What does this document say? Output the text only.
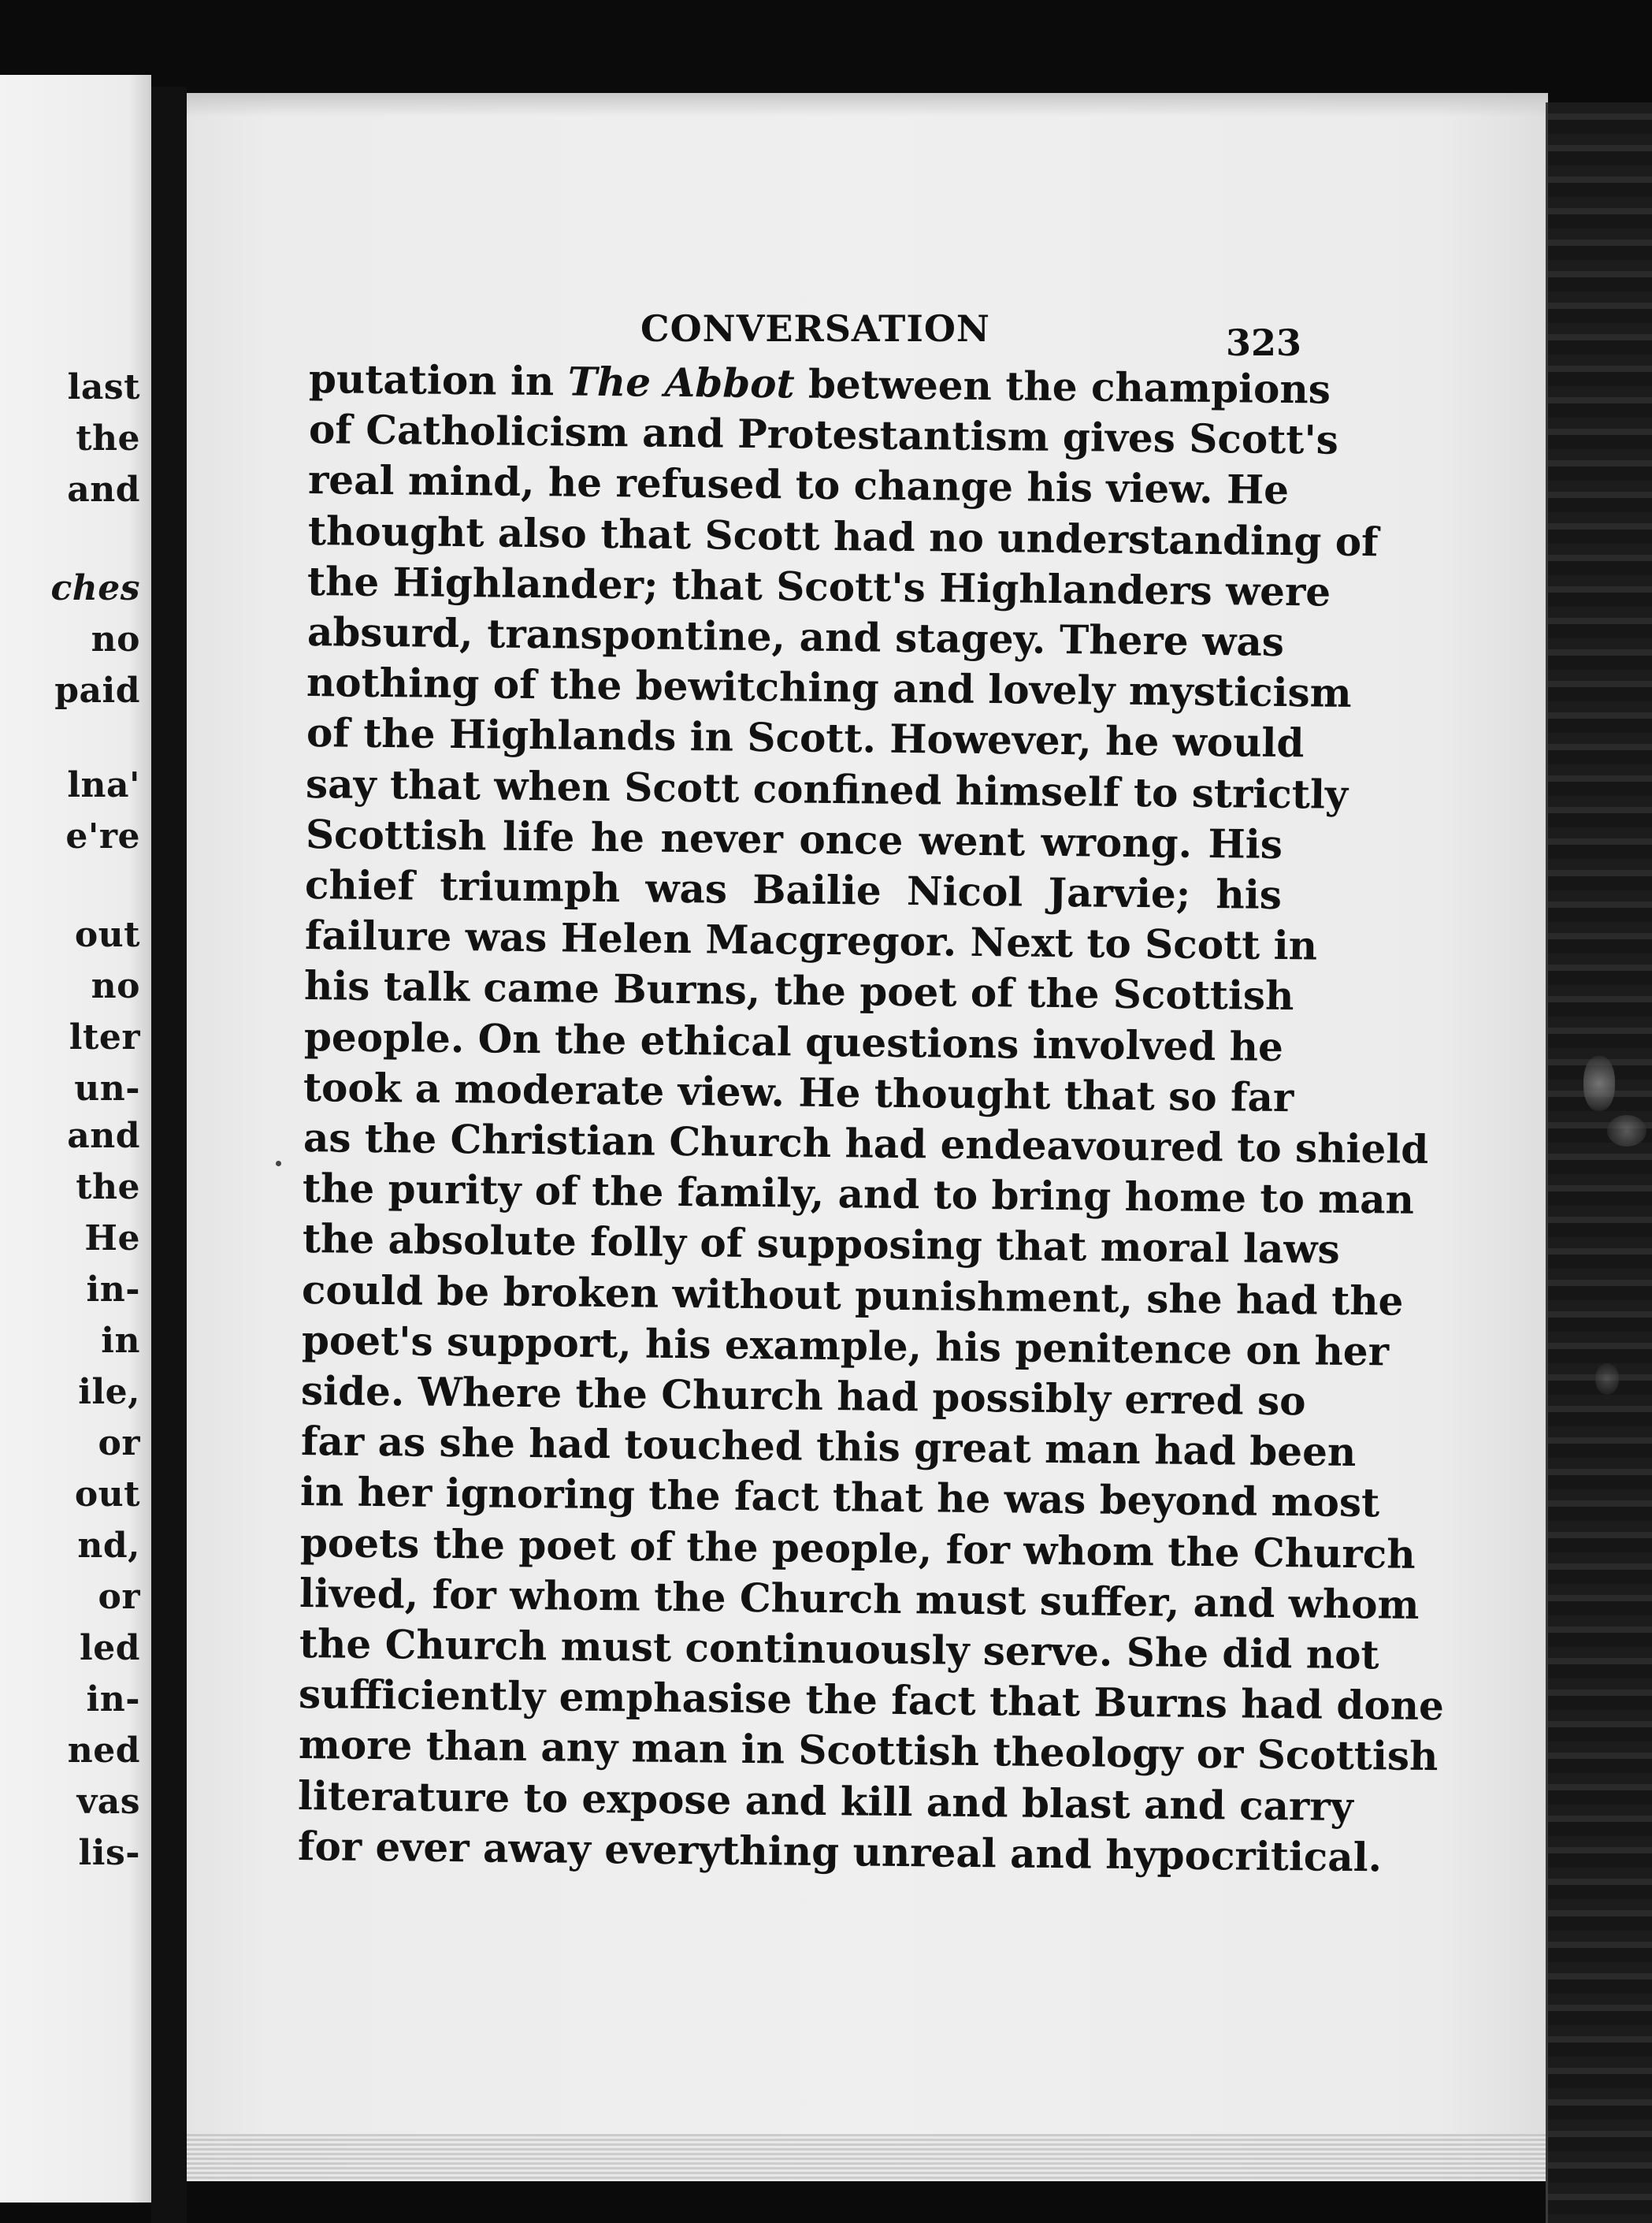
last
the
and
ches
no
paid
lna'
e're
out
no
lter
un-
and
the
He
in-
in
ile,
or
out
nd,
or
led
in-
ned
vas
lis-
CONVERSATION	323
putation in The Abbot between the champions
of Catholicism and Protestantism gives Scott's
real mind, he refused to change his view. He
thought also that Scott had no understanding of
the Highlander; that Scott's Highlanders were
absurd, transpontine, and stagey. There was
nothing of the bewitching and lovely mysticism
of the Highlands in Scott. However, he would
say that when Scott confined himself to strictly
Scottish life he never once went wrong. His
chief triumph was Bailie Nicol Jarvie; his
failure was Helen Macgregor. Next to Scott in
his talk came Burns, the poet of the Scottish
people. On the ethical questions involved he
took a moderate view. He thought that so far
as the Christian Church had endeavoured to shield
the purity of the family, and to bring home to man
the absolute folly of supposing that moral laws
could be broken without punishment, she had the
poet's support, his example, his penitence on her
side. Where the Church had possibly erred so
far as she had touched this great man had been
in her ignoring the fact that he was beyond most
poets the poet of the people, for whom the Church
lived, for whom the Church must suffer, and whom
the Church must continuously serve. She did not
sufficiently emphasise the fact that Burns had done
more than any man in Scottish theology or Scottish
literature to expose and kill and blast and carry
for ever away everything unreal and hypocritical.
